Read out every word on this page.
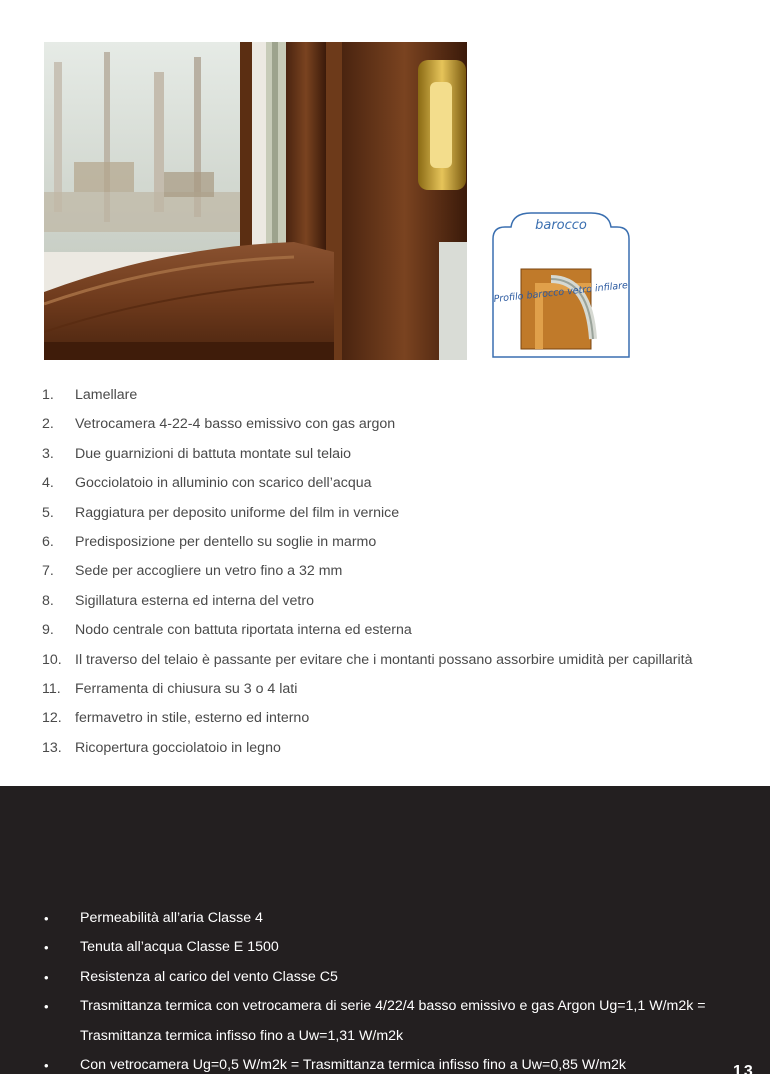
barocco
Profilo barocco vetro infilare
1.	Lamellare
2.	Vetrocamera 4-22-4 basso emissivo con gas argon
3.	Due guarnizioni di battuta montate sul telaio
4.	Gocciolatoio in alluminio con scarico dell’acqua
5.	Raggiatura per deposito uniforme del film in vernice
6.	Predisposizione per dentello su soglie in marmo
7.	Sede per accogliere un vetro fino a 32 mm
8.	Sigillatura esterna ed interna del vetro
9.	Nodo centrale con battuta riportata interna ed esterna
10. Il traverso del telaio è passante per evitare che i montanti possano assorbire umidità per capillarità
11.	Ferramenta di chiusura su 3 o 4 lati
12. fermavetro in stile, esterno ed interno
13. Ricopertura gocciolatoio in legno
•	Permeabilità all’aria Classe 4
•	Tenuta all’acqua Classe E 1500
•	Resistenza al carico del vento Classe C5
•	Trasmittanza termica con vetrocamera di serie 4/22/4 basso emissivo e gas Argon Ug=1,1 W/m2k = Trasmittanza termica infisso fino a Uw=1,31 W/m2k
•	Con vetrocamera Ug=0,5 W/m2k = Trasmittanza termica infisso fino a Uw=0,85 W/m2k	13
